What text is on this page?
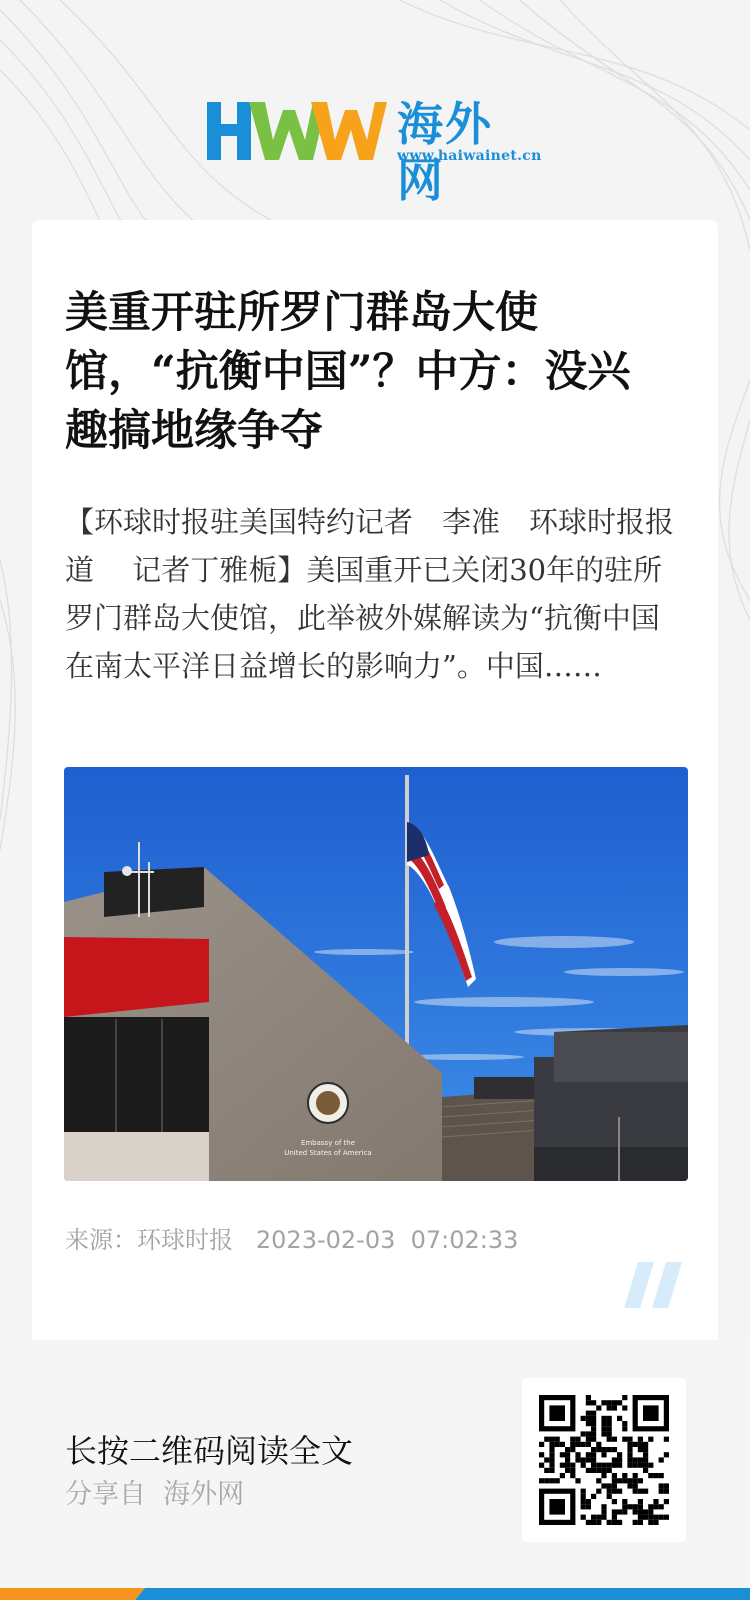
海外网
www.haiwainet.cn
美重开驻所罗门群岛大使馆，“抗衡中国”？中方：没兴趣搞地缘争夺

【环球时报驻美国特约记者　李准　环球时报报道　 记者丁雅栀】美国重开已关闭30年的驻所罗门群岛大使馆，此举被外媒解读为“抗衡中国在南太平洋日益增长的影响力”。中国……

Embassy of the
United States of America
来源：环球时报 2023-02-03 07:02:33
长按二维码阅读全文
分享自 海外网
